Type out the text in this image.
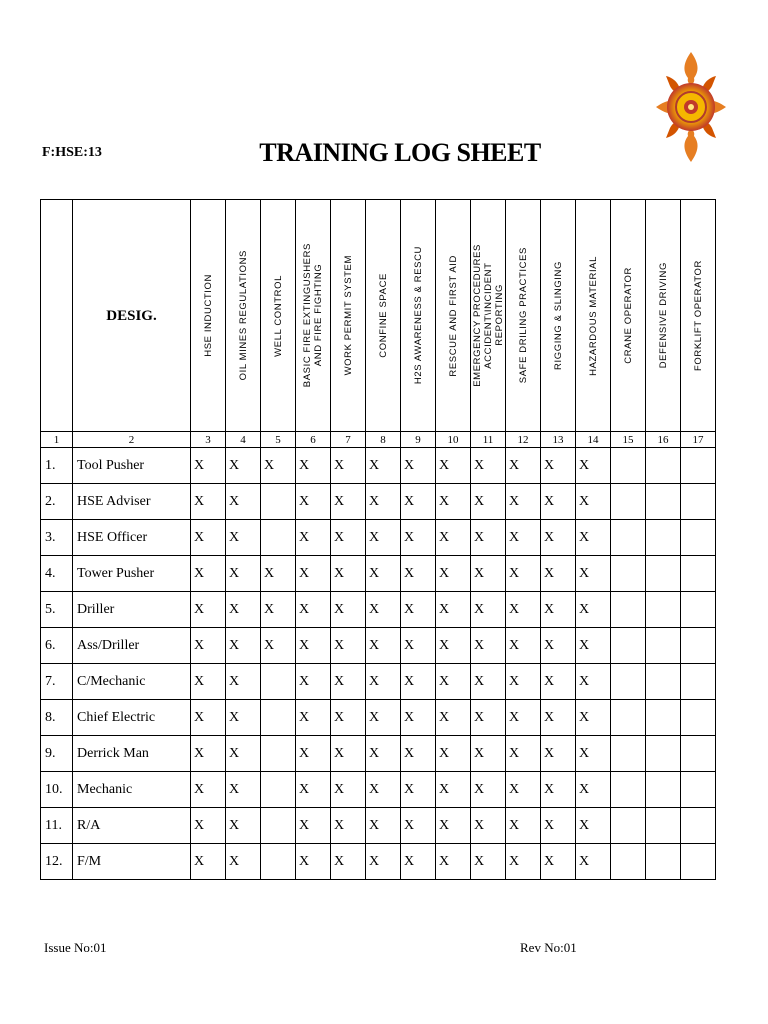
F:HSE:13	TRAINING LOG SHEET
	DESIG.	HSE INDUCTION	OIL MINES REGULATIONS	WELL CONTROL	BASIC FIRE EXTINGUSHERS
AND FIRE FIGHTING	WORK PERMIT SYSTEM	CONFINE SPACE	H2S AWARENESS & RESCU	RESCUE AND FIRST AID	EMERGENCY PROCEDURES
ACCIDENT\INCIDENT
REPORTING	SAFE DRILING PRACTICES	RIGGING & SLINGING	HAZARDOUS MATERIAL	CRANE OPERATOR	DEFENSIVE DRIVING	FORKLIFT OPERATOR

1	2	3	4	5	6	7	8	9	10	11	12	13	14	15	16	17
1.	Tool Pusher	X	X	X	X	X	X	X	X	X	X	X	X			
2.	HSE Adviser	X	X		X	X	X	X	X	X	X	X	X			
3.	HSE Officer	X	X		X	X	X	X	X	X	X	X	X			
4.	Tower Pusher	X	X	X	X	X	X	X	X	X	X	X	X			
5.	Driller	X	X	X	X	X	X	X	X	X	X	X	X			
6.	Ass/Driller	X	X	X	X	X	X	X	X	X	X	X	X			
7.	C/Mechanic	X	X		X	X	X	X	X	X	X	X	X			
8.	Chief Electric	X	X		X	X	X	X	X	X	X	X	X			
9.	Derrick Man	X	X		X	X	X	X	X	X	X	X	X			
10.	Mechanic	X	X		X	X	X	X	X	X	X	X	X			
11.	R/A	X	X		X	X	X	X	X	X	X	X	X			
12.	F/M	X	X		X	X	X	X	X	X	X	X	X			
Issue No:01	Rev No:01
